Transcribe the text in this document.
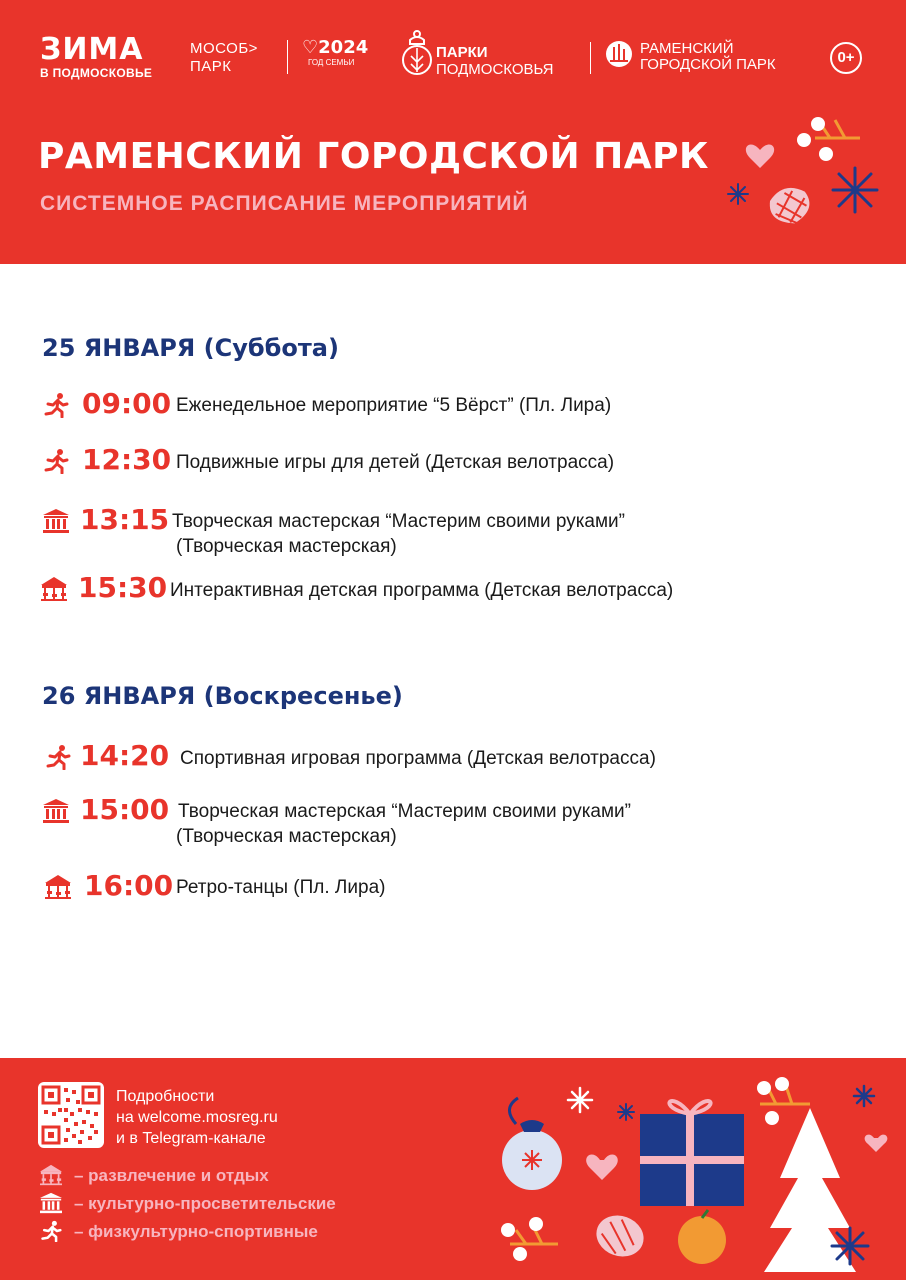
ЗИМА
В ПОДМОСКОВЬЕ
МОСОБ>
ПАРК
♡2024
ГОД СЕМЬИ
ПАРКИ
ПОДМОСКОВЬЯ
РАМЕНСКИЙ
ГОРОДСКОЙ ПАРК	0+
РАМЕНСКИЙ ГОРОДСКОЙ ПАРК
СИСТЕМНОЕ РАСПИСАНИЕ МЕРОПРИЯТИЙ
25 ЯНВАРЯ (Суббота)
09:00 Еженедельное мероприятие “5 Вёрст” (Пл. Лира)
12:30 Подвижные игры для детей (Детская велотрасса)
13:15 Творческая мастерская “Мастерим своими руками”
(Творческая мастерская)
15:30 Интерактивная детская программа (Детская велотрасса)
26 ЯНВАРЯ (Воскресенье)
14:20 Спортивная игровая программа (Детская велотрасса)
15:00 Творческая мастерская “Мастерим своими руками”
(Творческая мастерская)
16:00 Ретро-танцы (Пл. Лира)
Подробности
на welcome.mosreg.ru
и в Telegram-канале
– развлечение и отдых
– культурно-просветительские
– физкультурно-спортивные
